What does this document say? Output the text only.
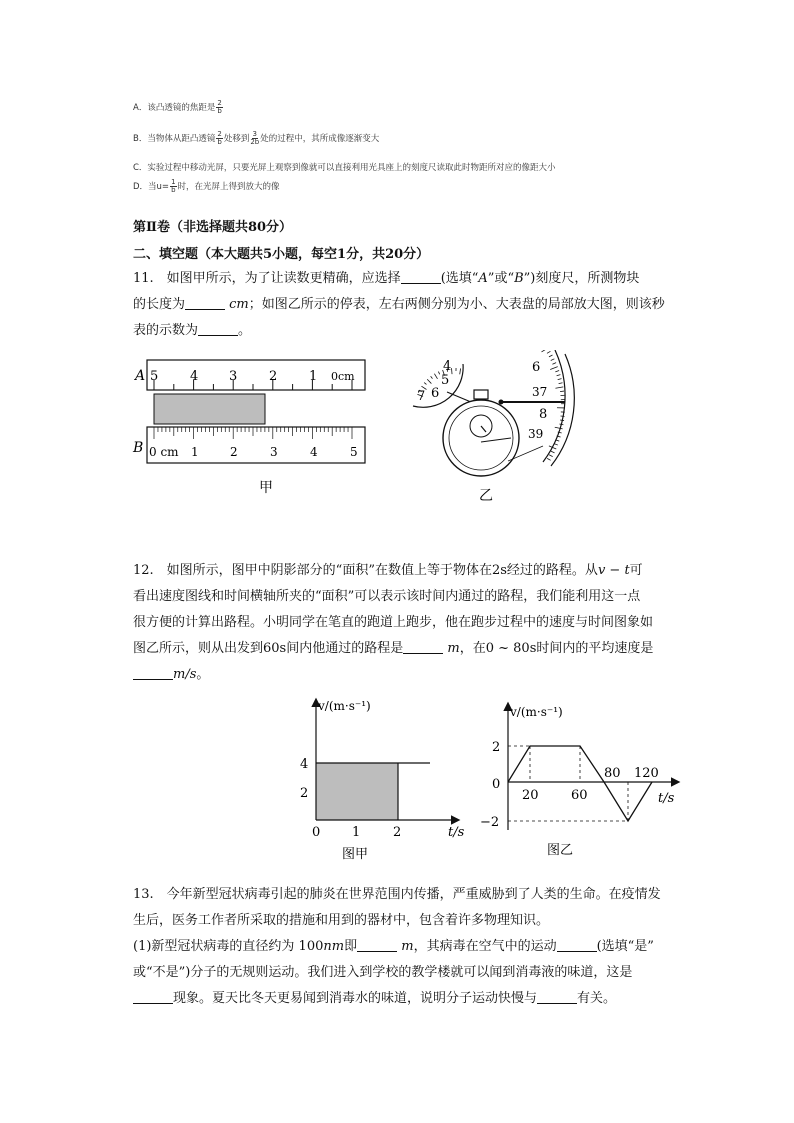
A．该凸透镜的焦距是 $\frac{2}{b}$
B．当物体从距凸透镜 $\frac{2}{b}$ 处移到 $\frac{3}{2b}$ 处的过程中，其所成像逐渐变大
C．实验过程中移动光屏，只要光屏上观察到像就可以直接利用光具座上的刻度尺读取此时物距所对应的像距大小
D．当$u= \frac{1}{b}$ 时，在光屏上得到放大的像
第Ⅱ卷（非选择题共80分）
二、填空题（本大题共5小题，每空1分，共20分）

11.　如图甲所示，为了让读数更精确，应选择	(选填“A”或“B”)刻度尺，所测物块

的长度为	cm；如图乙所示的停表，左右两侧分别为小、大表盘的局部放大图，则该秒

表的示数为	。

A 5 4 3 2 1 0cm
B 0 cm 1	2	3	4	5
甲
4
5
6
7
6
37
8
39
乙

12.　如图所示，图甲中阴影部分的“面积”在数值上等于物体在2s经过的路程。从v − t可

看出速度图线和时间横轴所夹的“面积”可以表示该时间内通过的路程，我们能利用这一点

很方便的计算出路程。小明同学在笔直的跑道上跑步，他在跑步过程中的速度与时间图象如

图乙所示，则从出发到60s间内他通过的路程是	m，在0 ~ 80s时间内的平均速度是

m/s。

v/(m·s⁻¹)
t/s
4
2
0 1	2
图甲
v/(m·s⁻¹)
t/s
2
0
−2
20 60
80 120
图乙

13.　今年新型冠状病毒引起的肺炎在世界范围内传播，严重威胁到了人类的生命。在疫情发

生后，医务工作者所采取的措施和用到的器材中，包含着许多物理知识。

(1)新型冠状病毒的直径约为 100nm即	m，其病毒在空气中的运动	(选填“是”

或“不是”)分子的无规则运动。我们进入到学校的教学楼就可以闻到消毒液的味道，这是

现象。夏天比冬天更易闻到消毒水的味道，说明分子运动快慢与	有关。
